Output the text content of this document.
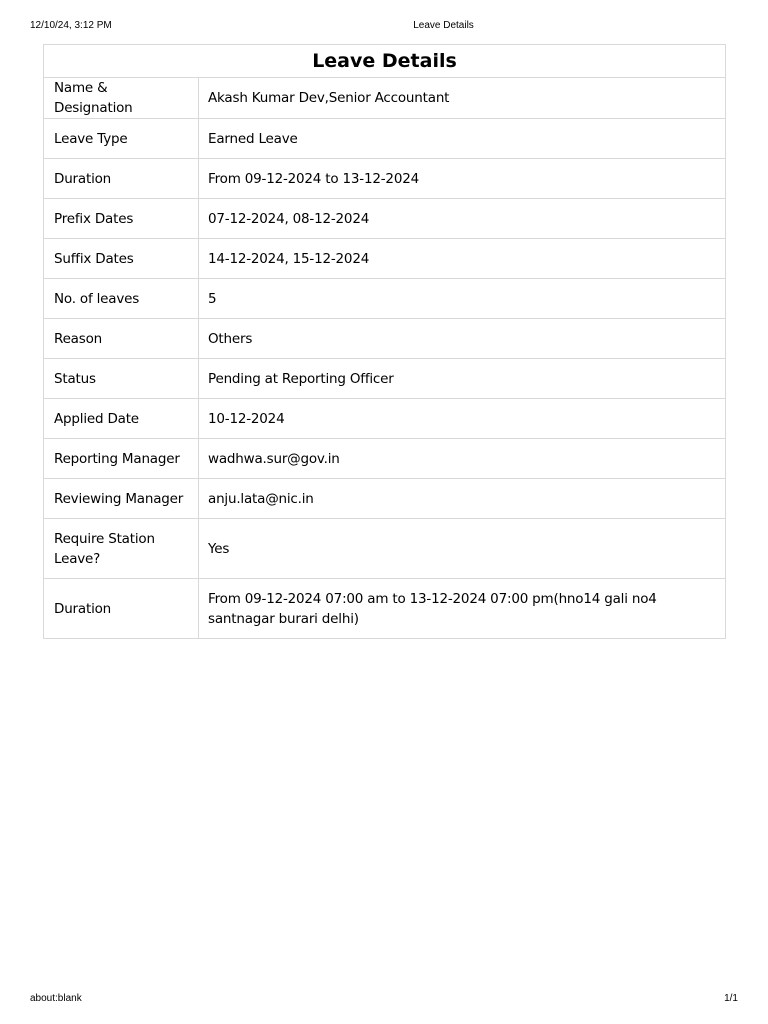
12/10/24, 3:12 PM	Leave Details
Leave Details	
Name & Designation	Akash Kumar Dev,Senior Accountant
Leave Type	Earned Leave
Duration	From 09-12-2024 to 13-12-2024
Prefix Dates	07-12-2024, 08-12-2024
Suffix Dates	14-12-2024, 15-12-2024
No. of leaves	5
Reason	Others
Status	Pending at Reporting Officer
Applied Date	10-12-2024
Reporting Manager	wadhwa.sur@gov.in
Reviewing Manager	anju.lata@nic.in
Require Station Leave?	Yes
Duration	From 09-12-2024 07:00 am to 13-12-2024 07:00 pm(hno14 gali no4 santnagar burari delhi)
about:blank	1/1
